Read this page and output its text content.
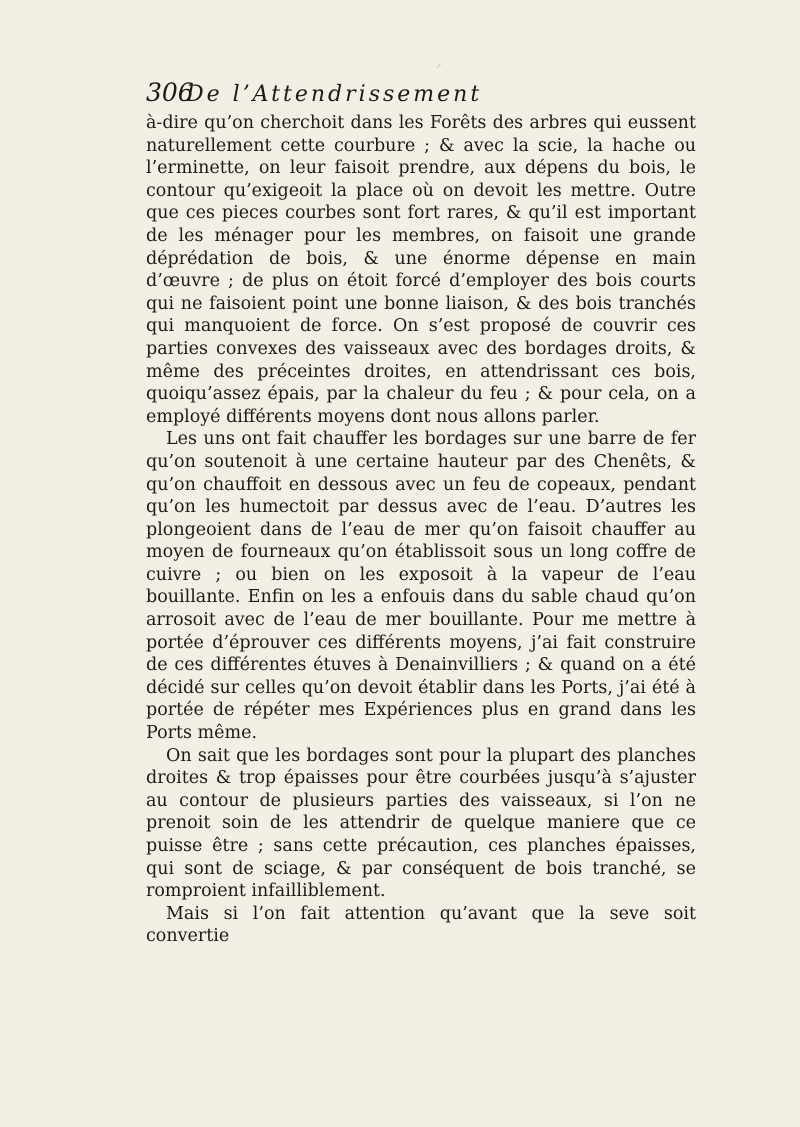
⸝
306
De l’Attendrissement

à-dire qu’on cherchoit dans les Forêts des arbres qui eussent naturellement cette courbure ; & avec la scie, la hache ou l’erminette, on leur faisoit prendre, aux dépens du bois, le contour qu’exigeoit la place où on devoit les mettre. Outre que ces pieces courbes sont fort rares, & qu’il est important de les ménager pour les membres, on faisoit une grande déprédation de bois, & une énorme dépense en main d’œuvre ; de plus on étoit forcé d’employer des bois courts qui ne faisoient point une bonne liaison, & des bois tranchés qui manquoient de force. On s’est proposé de couvrir ces parties convexes des vaisseaux avec des bordages droits, & même des préceintes droites, en attendrissant ces bois, quoiqu’assez épais, par la chaleur du feu ; & pour cela, on a employé différents moyens dont nous allons parler.

Les uns ont fait chauffer les bordages sur une barre de fer qu’on soutenoit à une certaine hauteur par des Chenêts, & qu’on chauffoit en dessous avec un feu de copeaux, pendant qu’on les humectoit par dessus avec de l’eau. D’autres les plongeoient dans de l’eau de mer qu’on faisoit chauffer au moyen de fourneaux qu’on établissoit sous un long coffre de cuivre ; ou bien on les exposoit à la vapeur de l’eau bouillante. Enfin on les a enfouis dans du sable chaud qu’on arrosoit avec de l’eau de mer bouillante. Pour me mettre à portée d’éprouver ces différents moyens, j’ai fait construire de ces différentes étuves à Denainvilliers ; & quand on a été décidé sur celles qu’on devoit établir dans les Ports, j’ai été à portée de répéter mes Expériences plus en grand dans les Ports même.

On sait que les bordages sont pour la plupart des planches droites & trop épaisses pour être courbées jusqu’à s’ajuster au contour de plusieurs parties des vaisseaux, si l’on ne prenoit soin de les attendrir de quelque maniere que ce puisse être ; sans cette précaution, ces planches épaisses, qui sont de sciage, & par conséquent de bois tranché, se romproient infailliblement.

Mais si l’on fait attention qu’avant que la seve soit convertie
